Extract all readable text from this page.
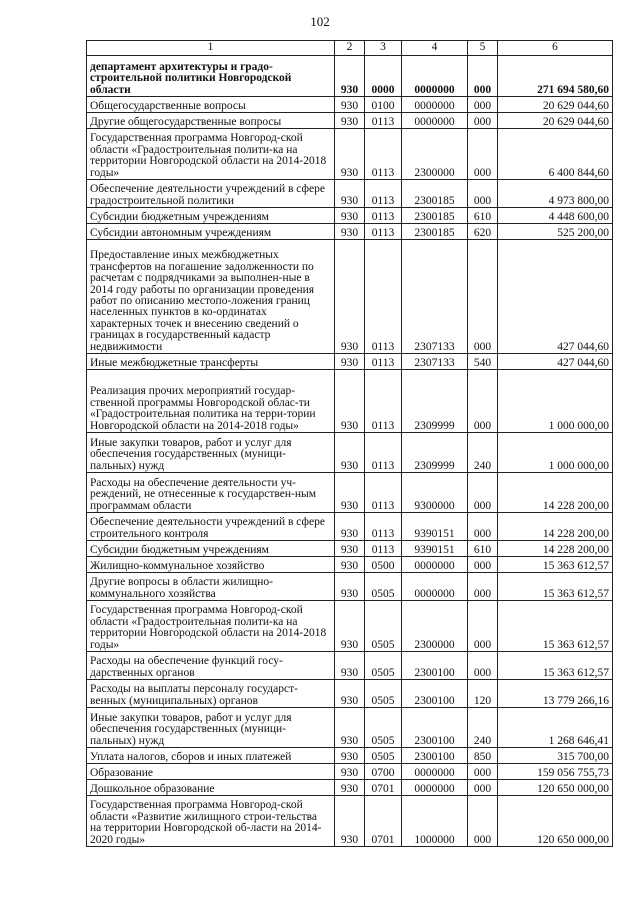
102
1	2	3	4	5	6
департамент архитектуры и градо-строительной политики Новгородской области	930	0000	0000000	000	271 694 580,60
Общегосударственные вопросы	930	0100	0000000	000	20 629 044,60
Другие общегосударственные вопросы	930	0113	0000000	000	20 629 044,60
Государственная программа Новгород-ской области «Градостроительная полити-ка на территории Новгородской области на 2014-2018 годы»	930	0113	2300000	000	6 400 844,60
Обеспечение деятельности учреждений в сфере градостроительной политики	930	0113	2300185	000	4 973 800,00
Субсидии бюджетным учреждениям	930	0113	2300185	610	4 448 600,00
Субсидии автономным учреждениям	930	0113	2300185	620	525 200,00
Предоставление иных межбюджетных трансфертов на погашение задолженности по расчетам с подрядчиками за выполнен-ные в 2014 году работы по организации проведения работ по описанию местопо-ложения границ населенных пунктов в ко-ординатах характерных точек и внесению сведений о границах в государственный кадастр недвижимости	930	0113	2307133	000	427 044,60
Иные межбюджетные трансферты	930	0113	2307133	540	427 044,60
Реализация прочих мероприятий государ-ственной программы Новгородской облас-ти «Градостроительная политика на терри-тории Новгородской области на 2014-2018 годы»	930	0113	2309999	000	1 000 000,00
Иные закупки товаров, работ и услуг для обеспечения государственных (муници-пальных) нужд	930	0113	2309999	240	1 000 000,00
Расходы на обеспечение деятельности уч-реждений, не отнесенные к государствен-ным программам области	930	0113	9300000	000	14 228 200,00
Обеспечение деятельности учреждений в сфере строительного контроля	930	0113	9390151	000	14 228 200,00
Субсидии бюджетным учреждениям	930	0113	9390151	610	14 228 200,00
Жилищно-коммунальное хозяйство	930	0500	0000000	000	15 363 612,57
Другие вопросы в области жилищно-коммунального хозяйства	930	0505	0000000	000	15 363 612,57
Государственная программа Новгород-ской области «Градостроительная полити-ка на территории Новгородской области на 2014-2018 годы»	930	0505	2300000	000	15 363 612,57
Расходы на обеспечение функций госу-дарственных органов	930	0505	2300100	000	15 363 612,57
Расходы на выплаты персоналу государст-венных (муниципальных) органов	930	0505	2300100	120	13 779 266,16
Иные закупки товаров, работ и услуг для обеспечения государственных (муници-пальных) нужд	930	0505	2300100	240	1 268 646,41
Уплата налогов, сборов и иных платежей	930	0505	2300100	850	315 700,00
Образование	930	0700	0000000	000	159 056 755,73
Дошкольное образование	930	0701	0000000	000	120 650 000,00
Государственная программа Новгород-ской области «Развитие жилищного строи-тельства на территории Новгородской об-ласти на 2014-2020 годы»	930	0701	1000000	000	120 650 000,00
